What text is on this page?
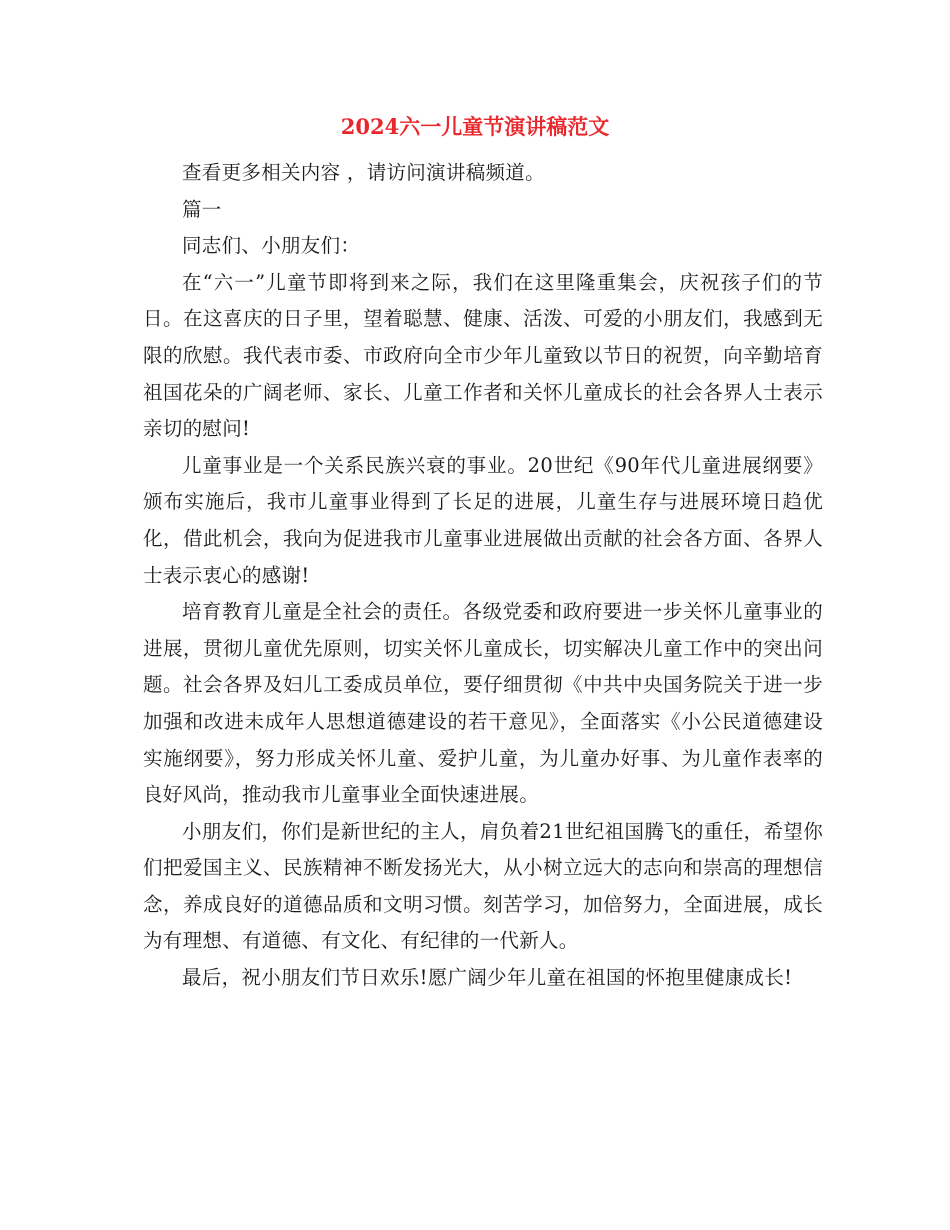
2024六一儿童节演讲稿范文

查看更多相关内容 ，请访问演讲稿频道。

篇一

同志们、小朋友们：

在“六一”儿童节即将到来之际，我们在这里隆重集会，庆祝孩子们的节日。在这喜庆的日子里，望着聪慧、健康、活泼、可爱的小朋友们，我感到无限的欣慰。我代表市委、市政府向全市少年儿童致以节日的祝贺，向辛勤培育祖国花朵的广阔老师、家长、儿童工作者和关怀儿童成长的社会各界人士表示亲切的慰问!

儿童事业是一个关系民族兴衰的事业。20世纪《90年代儿童进展纲要》颁布实施后，我市儿童事业得到了长足的进展，儿童生存与进展环境日趋优化，借此机会，我向为促进我市儿童事业进展做出贡献的社会各方面、各界人士表示衷心的感谢!

培育教育儿童是全社会的责任。各级党委和政府要进一步关怀儿童事业的进展，贯彻儿童优先原则，切实关怀儿童成长，切实解决儿童工作中的突出问题。社会各界及妇儿工委成员单位，要仔细贯彻《中共中央国务院关于进一步加强和改进未成年人思想道德建设的若干意见》，全面落实《小公民道德建设实施纲要》，努力形成关怀儿童、爱护儿童，为儿童办好事、为儿童作表率的良好风尚，推动我市儿童事业全面快速进展。

小朋友们，你们是新世纪的主人，肩负着21世纪祖国腾飞的重任，希望你们把爱国主义、民族精神不断发扬光大，从小树立远大的志向和崇高的理想信念，养成良好的道德品质和文明习惯。刻苦学习，加倍努力，全面进展，成长为有理想、有道德、有文化、有纪律的一代新人。

最后，祝小朋友们节日欢乐!愿广阔少年儿童在祖国的怀抱里健康成长!
